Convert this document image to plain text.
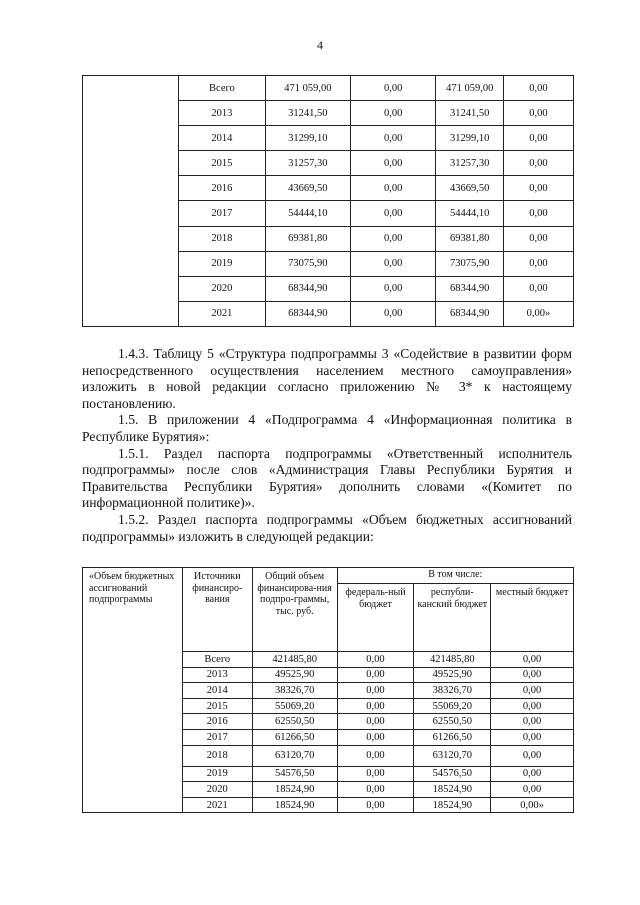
4
	Всего	471 059,00	0,00	471 059,00	0,00
	2013	31241,50	0,00	31241,50	0,00
	2014	31299,10	0,00	31299,10	0,00
	2015	31257,30	0,00	31257,30	0,00
	2016	43669,50	0,00	43669,50	0,00
	2017	54444,10	0,00	54444,10	0,00
	2018	69381,80	0,00	69381,80	0,00
	2019	73075,90	0,00	73075,90	0,00
	2020	68344,90	0,00	68344,90	0,00
	2021	68344,90	0,00	68344,90	0,00»

1.4.3. Таблицу 5 «Структура подпрограммы 3 «Содействие в развитии форм непосредственного осуществления населением местного самоуправления» изложить в новой редакции согласно приложению № 3* к настоящему постановлению.

1.5. В приложении 4 «Подпрограмма 4 «Информационная политика в Республике Бурятия»:

1.5.1. Раздел паспорта подпрограммы «Ответственный исполнитель подпрограммы» после слов «Администрация Главы Республики Бурятия и Правительства Республики Бурятия» дополнить словами «(Комитет по информационной политике)».

1.5.2. Раздел паспорта подпрограммы «Объем бюджетных ассигнований подпрограммы» изложить в следующей редакции:

«Объем бюджетных ассигнований подпрограммы	Источники финансиро-вания	Общий объем финансирова-ния подпро-граммы, тыс. руб.	В том числе:		
			федераль-ный бюджет	республи-канский бюджет	местный бюджет
	Всего	421485,80	0,00	421485,80	0,00
	2013	49525,90	0,00	49525,90	0,00
	2014	38326,70	0,00	38326,70	0,00
	2015	55069,20	0,00	55069,20	0,00
	2016	62550,50	0,00	62550,50	0,00
	2017	61266,50	0,00	61266,50	0,00
	2018	63120,70	0,00	63120,70	0,00
	2019	54576,50	0,00	54576,50	0,00
	2020	18524,90	0,00	18524,90	0,00
	2021	18524,90	0,00	18524,90	0,00»
